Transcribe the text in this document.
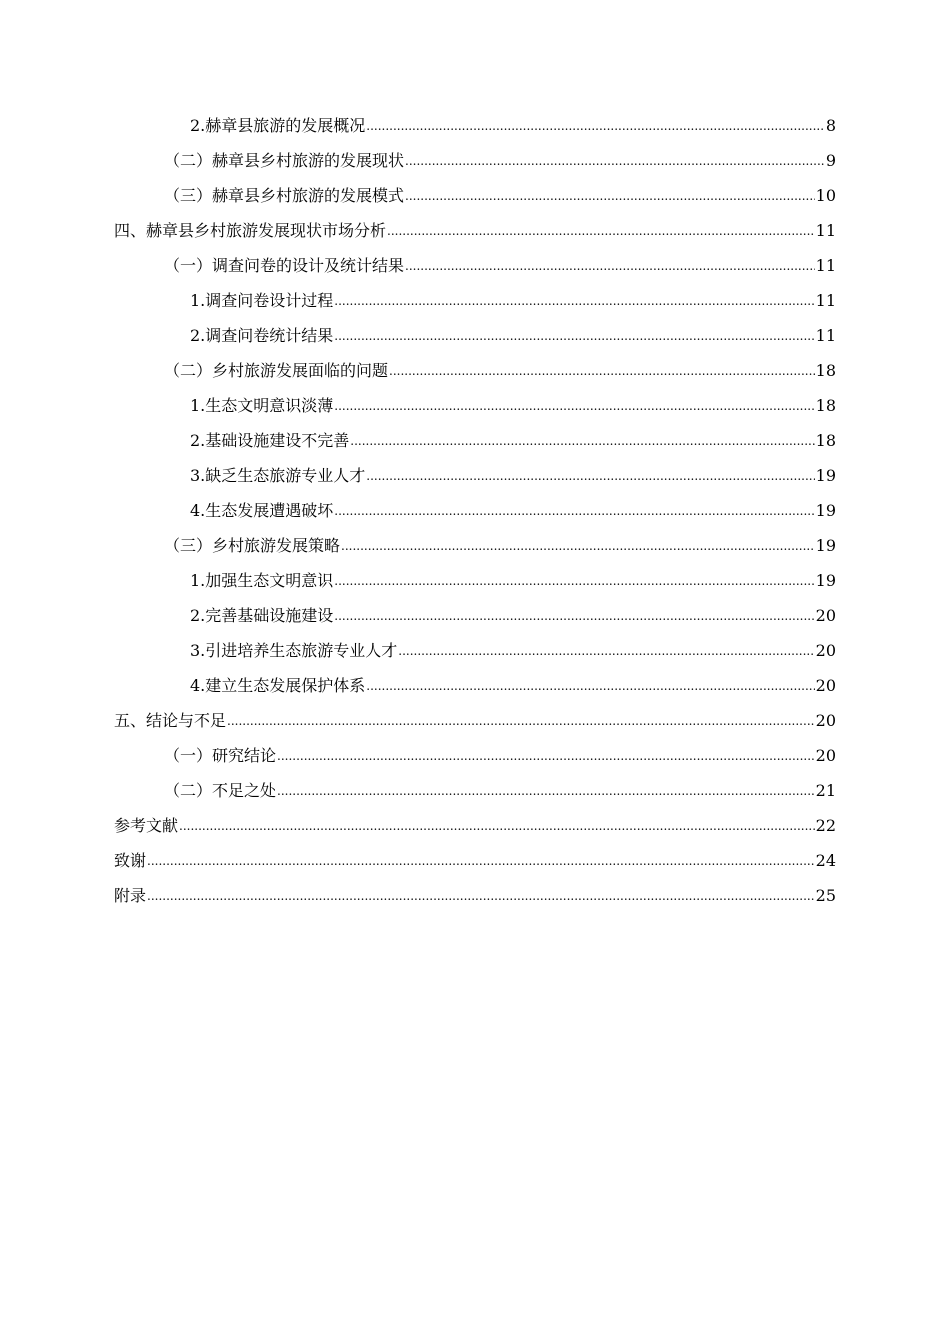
2.赫章县旅游的发展概况 .....	8
（二）赫章县乡村旅游的发展现状 .....	9
（三）赫章县乡村旅游的发展模式 .....	10
四、赫章县乡村旅游发展现状市场分析 .....	11
（一）调查问卷的设计及统计结果 .....	11
1.调查问卷设计过程 .....	11
2.调查问卷统计结果 .....	11
（二）乡村旅游发展面临的问题 .....	18
1.生态文明意识淡薄 .....	18
2.基础设施建设不完善 .....	18
3.缺乏生态旅游专业人才 .....	19
4.生态发展遭遇破坏 .....	19
（三）乡村旅游发展策略 .....	19
1.加强生态文明意识 .....	19
2.完善基础设施建设 .....	20
3.引进培养生态旅游专业人才 .....	20
4.建立生态发展保护体系 .....	20
五、结论与不足 .....	20
（一）研究结论 .....	20
（二）不足之处 .....	21
参考文献 .....	22
致谢 .....	24
附录 .....	25
